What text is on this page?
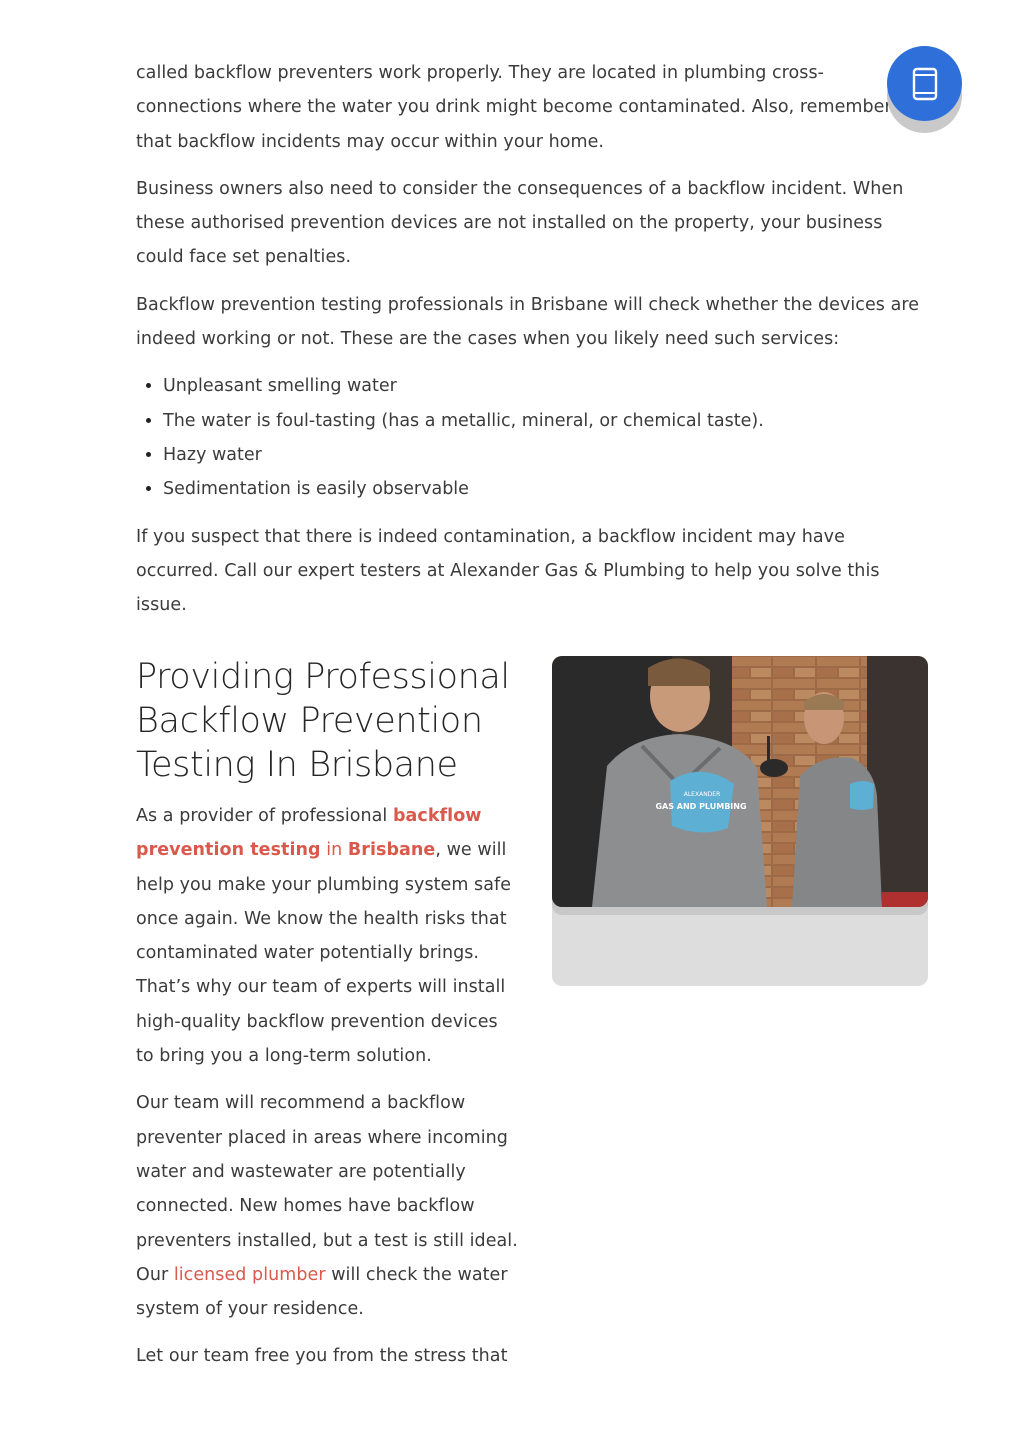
called backflow preventers work properly. They are located in plumbing cross-connections where the water you drink might become contaminated. Also, remember that backflow incidents may occur within your home.

Business owners also need to consider the consequences of a backflow incident. When these authorised prevention devices are not installed on the property, your business could face set penalties.

Backflow prevention testing professionals in Brisbane will check whether the devices are indeed working or not. These are the cases when you likely need such services:

• Unpleasant smelling water
• The water is foul-tasting (has a metallic, mineral, or chemical taste).
• Hazy water
• Sedimentation is easily observable

If you suspect that there is indeed contamination, a backflow incident may have occurred. Call our expert testers at Alexander Gas & Plumbing to help you solve this issue.

Providing Professional Backflow Prevention Testing In Brisbane

As a provider of professional backflow prevention testing in Brisbane, we will help you make your plumbing system safe once again. We know the health risks that contaminated water potentially brings. That’s why our team of experts will install high-quality backflow prevention devices to bring you a long-term solution.

Our team will recommend a backflow preventer placed in areas where incoming water and wastewater are potentially connected. New homes have backflow preventers installed, but a test is still ideal. Our licensed plumber will check the water system of your residence.

Let our team free you from the stress that

ALEXANDER
GAS AND PLUMBING
